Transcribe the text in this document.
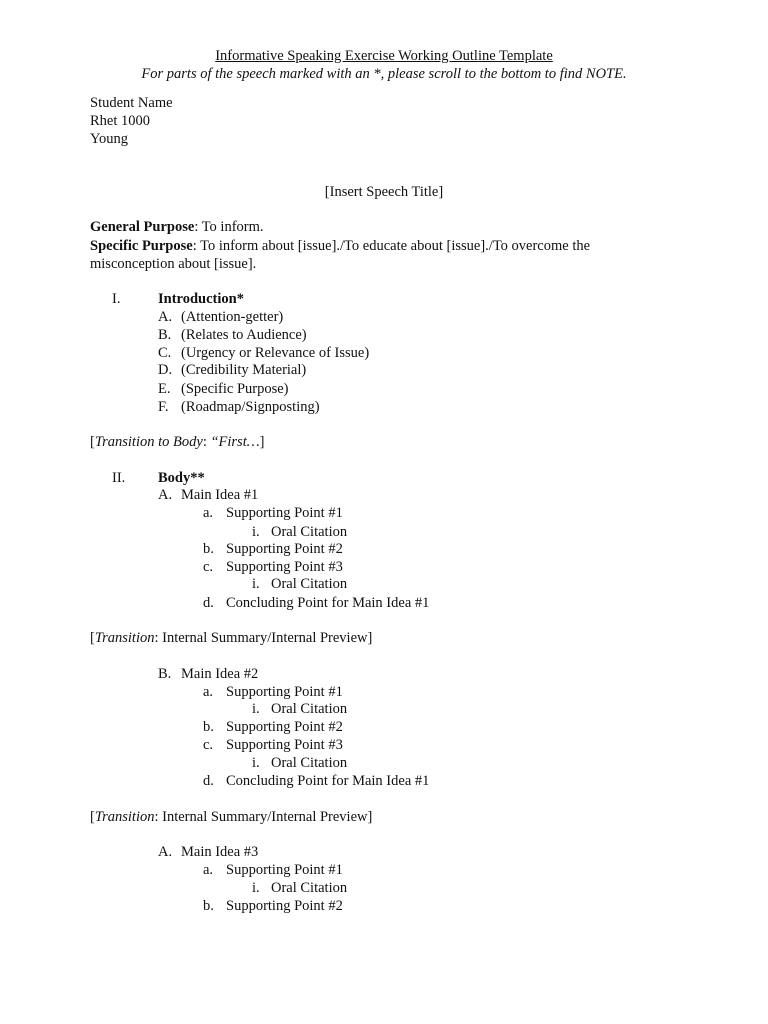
Informative Speaking Exercise Working Outline Template
For parts of the speech marked with an *, please scroll to the bottom to find NOTE.
Student Name
Rhet 1000
Young
[Insert Speech Title]
General Purpose: To inform.
Specific Purpose: To inform about [issue]./To educate about [issue]./To overcome the
misconception about [issue].
I.	Introduction*
A. (Attention-getter)
B. (Relates to Audience)
C. (Urgency or Relevance of Issue)
D. (Credibility Material)
E. (Specific Purpose)
F. (Roadmap/Signposting)
[Transition to Body: “First…]
II. Body**
A. Main Idea #1
a. Supporting Point #1
i. Oral Citation
b. Supporting Point #2
c. Supporting Point #3
i. Oral Citation
d. Concluding Point for Main Idea #1
[Transition: Internal Summary/Internal Preview]
B. Main Idea #2
a. Supporting Point #1
i. Oral Citation
b. Supporting Point #2
c. Supporting Point #3
i. Oral Citation
d. Concluding Point for Main Idea #1
[Transition: Internal Summary/Internal Preview]
A. Main Idea #3
a. Supporting Point #1
i. Oral Citation
b. Supporting Point #2
